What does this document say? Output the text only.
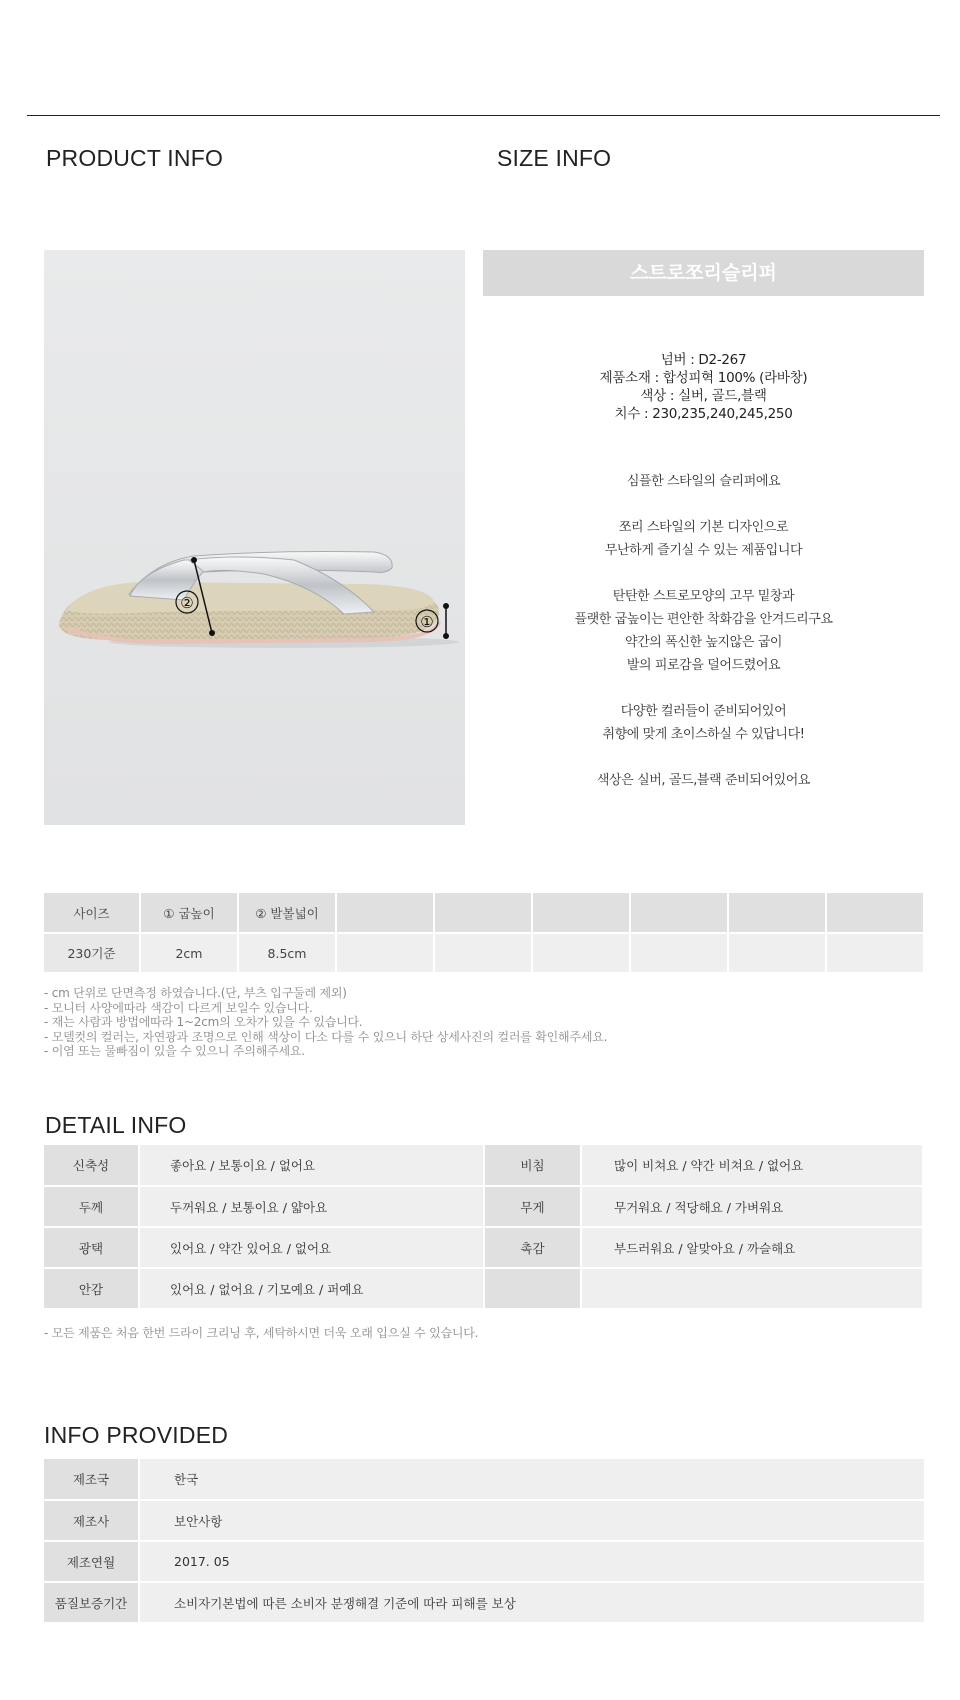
PRODUCT INFO	SIZE INFO
②
①
스트로쪼리슬리퍼
넘버 : D2-267
제품소재 : 합성피혁 100% (라바창)
색상 : 실버, 골드,블랙
치수 : 230,235,240,245,250
심플한 스타일의 슬리퍼에요
쪼리 스타일의 기본 디자인으로
무난하게 즐기실 수 있는 제품입니다
탄탄한 스트로모양의 고무 밑창과
플랫한 굽높이는 편안한 착화감을 안겨드리구요
약간의 폭신한 높지않은 굽이
발의 피로감을 덜어드렸어요
다양한 컬러들이 준비되어있어
취향에 맞게 초이스하실 수 있답니다!
색상은 실버, 골드,블랙 준비되어있어요
사이즈	① 굽높이	② 발볼넓이						
230기준	2cm	8.5cm						
- cm 단위로 단면측정 하였습니다.(단, 부츠 입구둘레 제외)
- 모니터 사양에따라 색감이 다르게 보일수 있습니다.
- 재는 사람과 방법에따라 1~2cm의 오차가 있을 수 있습니다.
- 모델컷의 컬러는, 자연광과 조명으로 인해 색상이 다소 다를 수 있으니 하단 상세사진의 컬러를 확인해주세요.
- 이염 또는 물빠짐이 있을 수 있으니 주의해주세요.
DETAIL INFO
신축성	좋아요 / 보통이요 / 없어요	비침	많이 비쳐요 / 약간 비쳐요 / 없어요
두께	두꺼워요 / 보통이요 / 얇아요	무게	무거워요 / 적당해요 / 가벼워요
광택	있어요 / 약간 있어요 / 없어요	촉감	부드러워요 / 알맞아요 / 까슬해요
안감	있어요 / 없어요 / 기모예요 / 퍼예요		
- 모든 제품은 처음 한번 드라이 크리닝 후, 세탁하시면 더욱 오래 입으실 수 있습니다.
INFO PROVIDED
제조국	한국
제조사	보안사항
제조연월	2017. 05
품질보증기간	소비자기본법에 따른 소비자 분쟁해결 기준에 따라 피해를 보상
